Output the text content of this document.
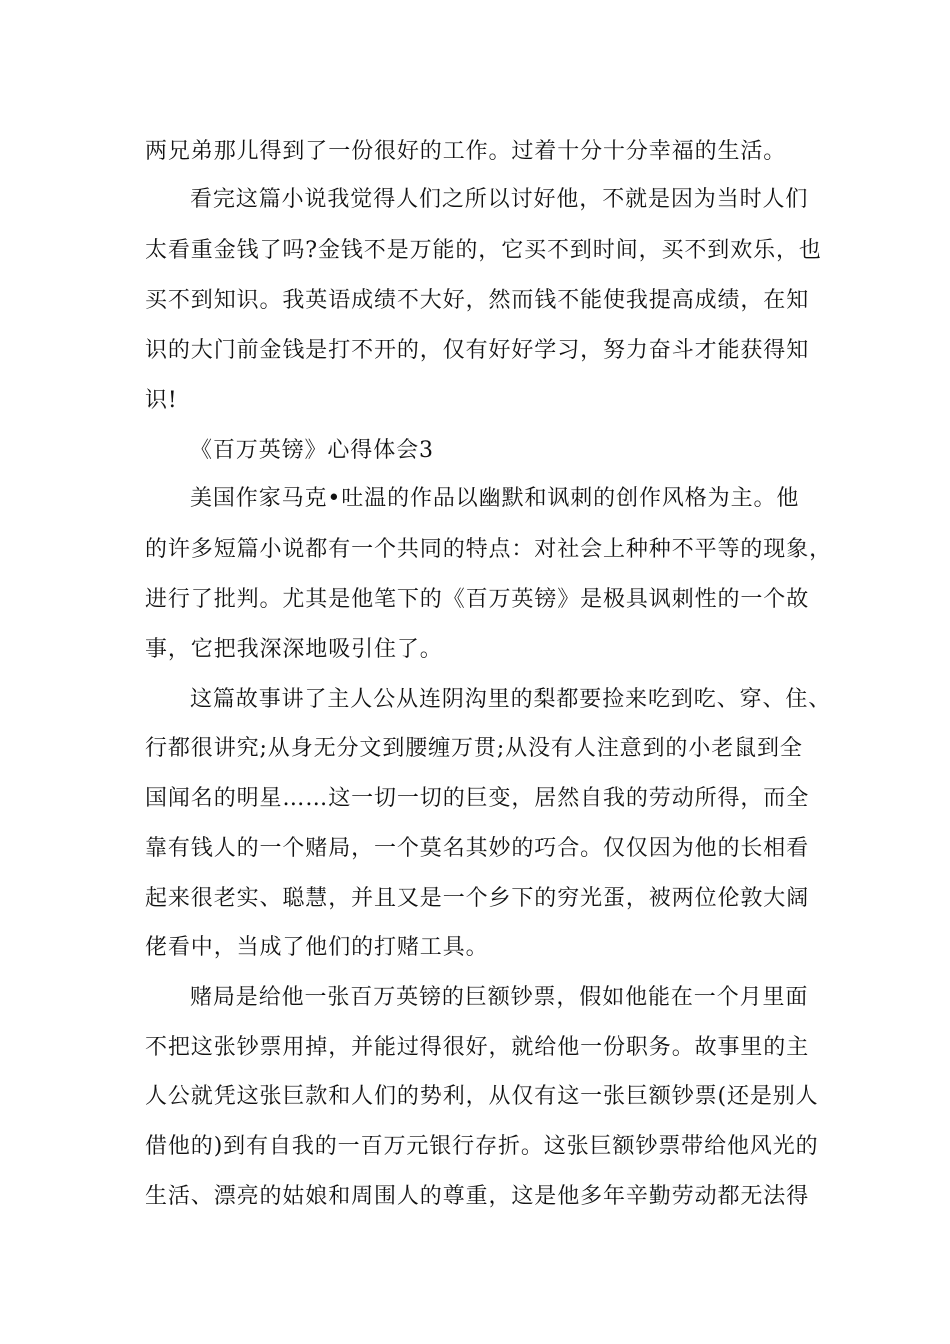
两兄弟那儿得到了一份很好的工作。过着十分十分幸福的生活。
看完这篇小说我觉得人们之所以讨好他，不就是因为当时人们
太看重金钱了吗?金钱不是万能的，它买不到时间，买不到欢乐，也
买不到知识。我英语成绩不大好，然而钱不能使我提高成绩，在知
识的大门前金钱是打不开的，仅有好好学习，努力奋斗才能获得知
识!
《百万英镑》心得体会3
美国作家马克•吐温的作品以幽默和讽刺的创作风格为主。他
的许多短篇小说都有一个共同的特点：对社会上种种不平等的现象，
进行了批判。尤其是他笔下的《百万英镑》是极具讽刺性的一个故
事，它把我深深地吸引住了。
这篇故事讲了主人公从连阴沟里的梨都要捡来吃到吃、穿、住、
行都很讲究;从身无分文到腰缠万贯;从没有人注意到的小老鼠到全
国闻名的明星……这一切一切的巨变，居然自我的劳动所得，而全
靠有钱人的一个赌局，一个莫名其妙的巧合。仅仅因为他的长相看
起来很老实、聪慧，并且又是一个乡下的穷光蛋，被两位伦敦大阔
佬看中，当成了他们的打赌工具。
赌局是给他一张百万英镑的巨额钞票，假如他能在一个月里面
不把这张钞票用掉，并能过得很好，就给他一份职务。故事里的主
人公就凭这张巨款和人们的势利，从仅有这一张巨额钞票(还是别人
借他的)到有自我的一百万元银行存折。这张巨额钞票带给他风光的
生活、漂亮的姑娘和周围人的尊重，这是他多年辛勤劳动都无法得
